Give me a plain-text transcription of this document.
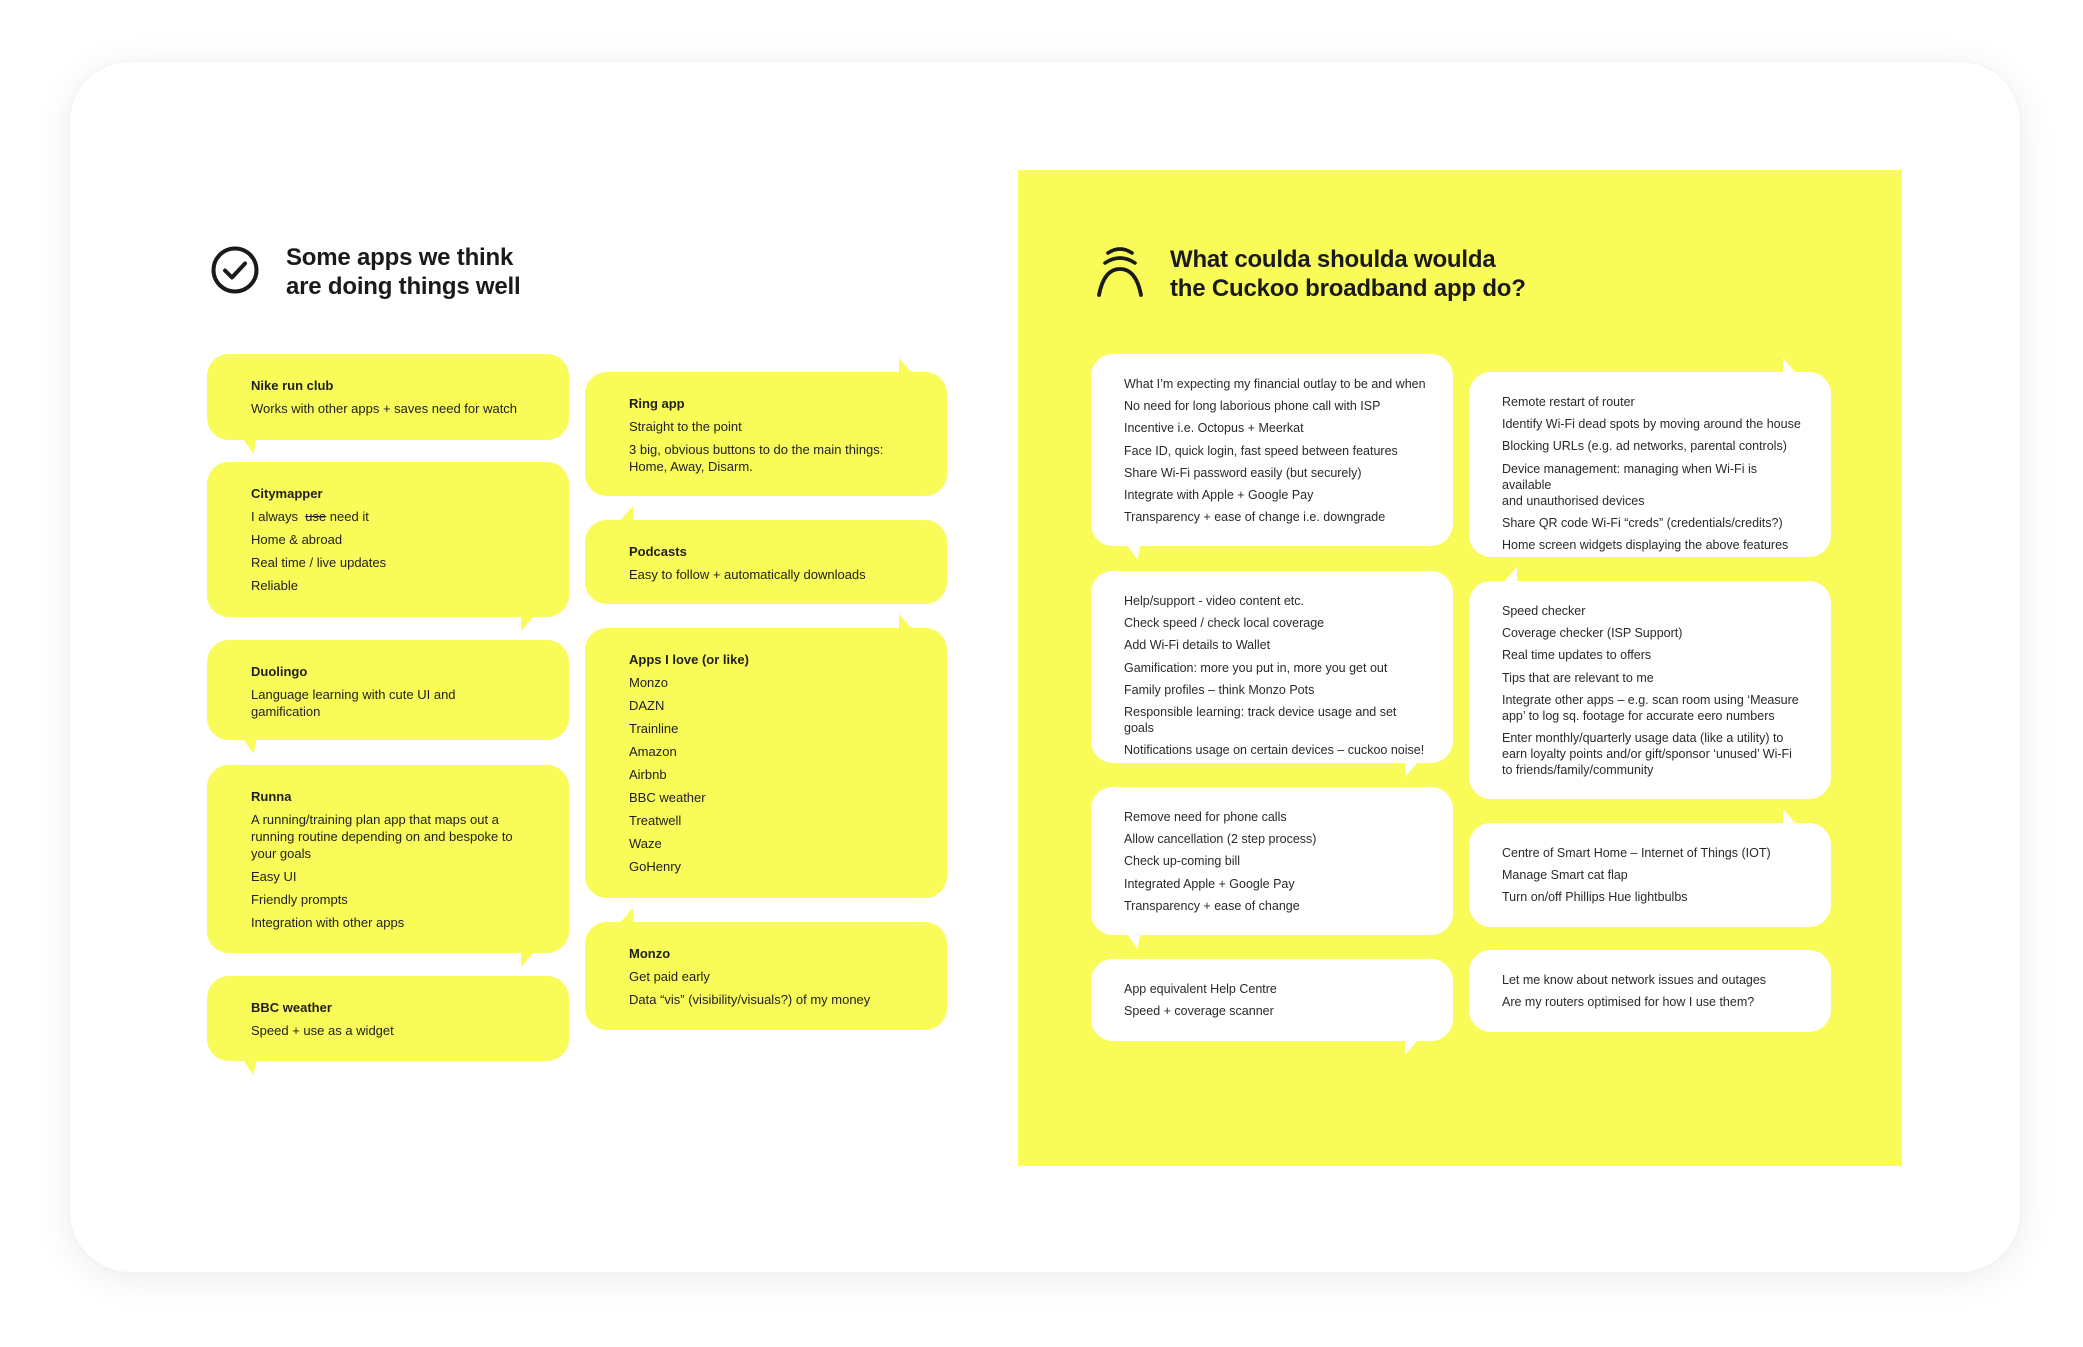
Some apps we think
are doing things well
What coulda shoulda woulda
the Cuckoo broadband app do?
Nike run club
Works with other apps + saves need for watch
Citymapper
I always use need it
Home & abroad
Real time / live updates
Reliable
Duolingo
Language learning with cute UI and
gamification
Runna
A running/training plan app that maps out a
running routine depending on and bespoke to
your goals
Easy UI
Friendly prompts
Integration with other apps
BBC weather
Speed + use as a widget
Ring app
Straight to the point
3 big, obvious buttons to do the main things:
Home, Away, Disarm.
Podcasts
Easy to follow + automatically downloads
Apps I love (or like)
Monzo
DAZN
Trainline
Amazon
Airbnb
BBC weather
Treatwell
Waze
GoHenry
Monzo
Get paid early
Data “vis” (visibility/visuals?) of my money
What I’m expecting my financial outlay to be and when
No need for long laborious phone call with ISP
Incentive i.e. Octopus + Meerkat
Face ID, quick login, fast speed between features
Share Wi-Fi password easily (but securely)
Integrate with Apple + Google Pay
Transparency + ease of change i.e. downgrade
Help/support - video content etc.
Check speed / check local coverage
Add Wi-Fi details to Wallet
Gamification: more you put in, more you get out
Family profiles – think Monzo Pots
Responsible learning: track device usage and set goals
Notifications usage on certain devices – cuckoo noise!
Remove need for phone calls
Allow cancellation (2 step process)
Check up-coming bill
Integrated Apple + Google Pay
Transparency + ease of change
App equivalent Help Centre
Speed + coverage scanner
Remote restart of router
Identify Wi-Fi dead spots by moving around the house
Blocking URLs (e.g. ad networks, parental controls)
Device management: managing when Wi-Fi is available
and unauthorised devices
Share QR code Wi-Fi “creds” (credentials/credits?)
Home screen widgets displaying the above features
Speed checker
Coverage checker (ISP Support)
Real time updates to offers
Tips that are relevant to me
Integrate other apps – e.g. scan room using ‘Measure
app’ to log sq. footage for accurate eero numbers
Enter monthly/quarterly usage data (like a utility) to
earn loyalty points and/or gift/sponsor ‘unused’ Wi-Fi
to friends/family/community
Centre of Smart Home – Internet of Things (IOT)
Manage Smart cat flap
Turn on/off Phillips Hue lightbulbs
Let me know about network issues and outages
Are my routers optimised for how I use them?
